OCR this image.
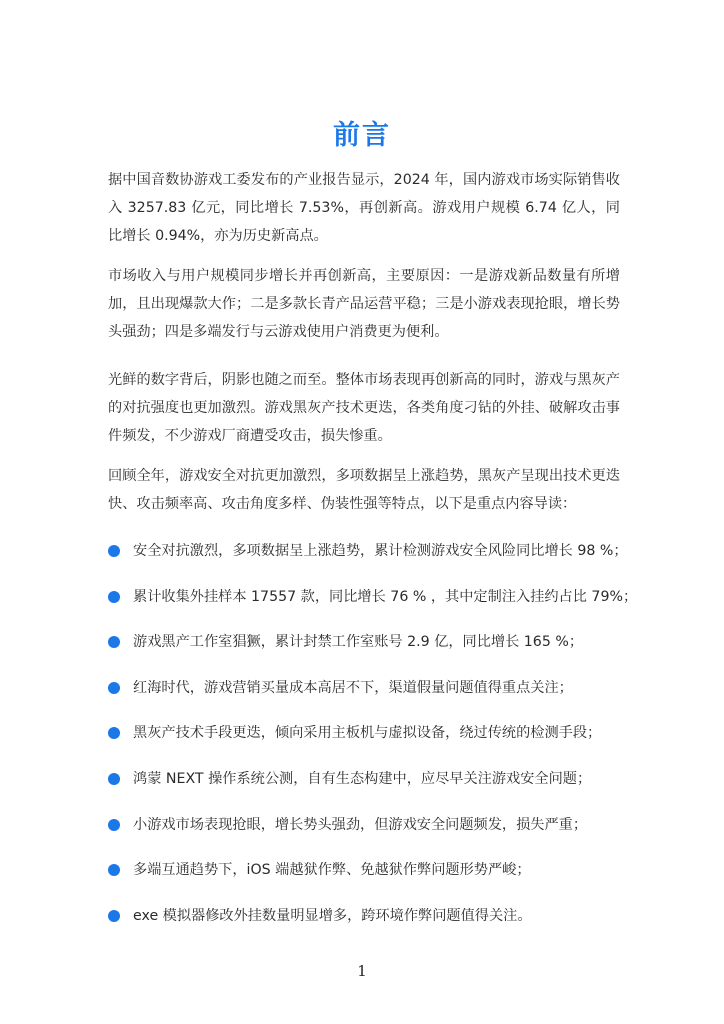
前言

据中国音数协游戏工委发布的产业报告显示，2024 年，国内游戏市场实际销售收入 3257.83 亿元，同比增长 7.53%，再创新高。游戏用户规模 6.74 亿人，同比增长 0.94%，亦为历史新高点。

市场收入与用户规模同步增长并再创新高，主要原因：一是游戏新品数量有所增加，且出现爆款大作；二是多款长青产品运营平稳；三是小游戏表现抢眼，增长势头强劲；四是多端发行与云游戏使用户消费更为便利。

光鲜的数字背后，阴影也随之而至。整体市场表现再创新高的同时，游戏与黑灰产的对抗强度也更加激烈。游戏黑灰产技术更迭，各类角度刁钻的外挂、破解攻击事件频发，不少游戏厂商遭受攻击，损失惨重。

回顾全年，游戏安全对抗更加激烈，多项数据呈上涨趋势，黑灰产呈现出技术更迭快、攻击频率高、攻击角度多样、伪装性强等特点，以下是重点内容导读：

安全对抗激烈，多项数据呈上涨趋势，累计检测游戏安全风险同比增长 98 %；
累计收集外挂样本 17557 款，同比增长 76 % ，其中定制注入挂约占比 79%；
游戏黑产工作室猖獗，累计封禁工作室账号 2.9 亿，同比增长 165 %；
红海时代，游戏营销买量成本高居不下，渠道假量问题值得重点关注；
黑灰产技术手段更迭，倾向采用主板机与虚拟设备，绕过传统的检测手段；
鸿蒙 NEXT 操作系统公测，自有生态构建中，应尽早关注游戏安全问题；
小游戏市场表现抢眼，增长势头强劲，但游戏安全问题频发，损失严重；
多端互通趋势下，iOS 端越狱作弊、免越狱作弊问题形势严峻；
exe 模拟器修改外挂数量明显增多，跨环境作弊问题值得关注。
1
